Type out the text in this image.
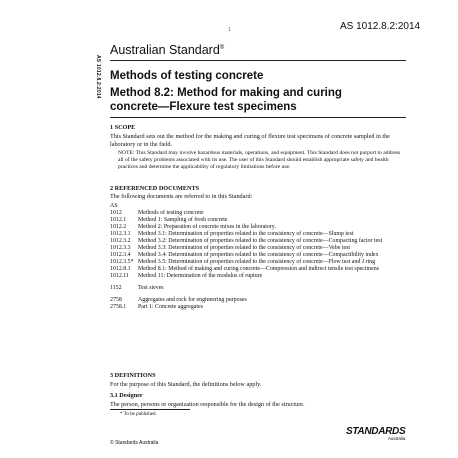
1	AS 1012.8.2:2014
Australian Standard®
AS 1012.8.2:2014 Methods of testing concrete
Method 8.2: Method for making and curing concrete—Flexure test specimens
1 SCOPE
This Standard sets out the method for the making and curing of flexure test specimens of concrete sampled in the laboratory or in the field.
NOTE: This Standard may involve hazardous materials, operations, and equipment. This Standard does not purport to address all of the safety problems associated with its use. The user of this Standard should establish appropriate safety and health practices and determine the applicability of regulatory limitations before use.
2 REFERENCED DOCUMENTS
The following documents are referred to in this Standard:
AS
1012	Methods of testing concrete
1012.1	Method 1: Sampling of fresh concrete
1012.2	Method 2: Preparation of concrete mixes in the laboratory.
1012.3.1	Method 3.1: Determination of properties related to the consistency of concrete—Slump test
1012.3.2	Method 3.2: Determination of properties related to the consistency of concrete—Compacting factor test
1012.3.3	Method 3.3: Determination of properties related to the consistency of concrete—Vebe test
1012.3.4	Method 3.4: Determination of properties related to the consistency of concrete—Compactibility index
1012.3.5* Method 3.5: Determination of properties related to the consistency of concrete—Flow test and J ring
1012.8.1	Method 8.1: Method of making and curing concrete—Compression and indirect tensile test specimens
1012.11	Method 11: Determination of the modulus of rupture
1152	Test sieves
2758	Aggregates and rock for engineering purposes
2758.1	Part 1: Concrete aggregates
3 DEFINITIONS
For the purpose of this Standard, the definitions below apply.
3.1 Designer
The person, persons or organization responsible for the design of the structure.
* To be published.
© Standards Australia
STANDARDS
Australia
